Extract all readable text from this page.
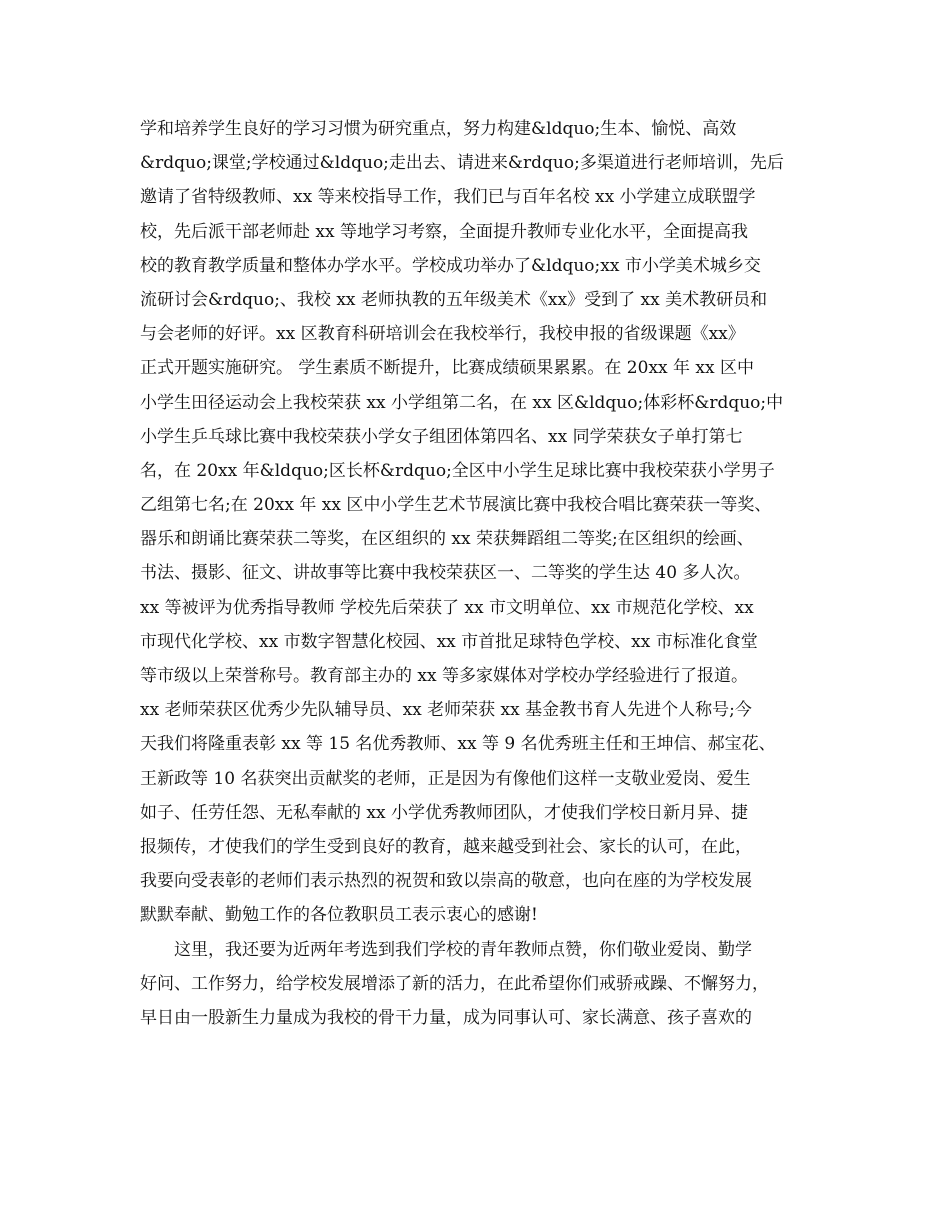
学和培养学生良好的学习习惯为研究重点，努力构建&ldquo;生本、愉悦、高效
&rdquo;课堂;学校通过&ldquo;走出去、请进来&rdquo;多渠道进行老师培训，先后
邀请了省特级教师、xx 等来校指导工作，我们已与百年名校 xx 小学建立成联盟学
校，先后派干部老师赴 xx 等地学习考察，全面提升教师专业化水平，全面提高我
校的教育教学质量和整体办学水平。学校成功举办了&ldquo;xx 市小学美术城乡交
流研讨会&rdquo;、我校 xx 老师执教的五年级美术《xx》受到了 xx 美术教研员和
与会老师的好评。xx 区教育科研培训会在我校举行，我校申报的省级课题《xx》
正式开题实施研究。 学生素质不断提升，比赛成绩硕果累累。在 20xx 年 xx 区中
小学生田径运动会上我校荣获 xx 小学组第二名，在 xx 区&ldquo;体彩杯&rdquo;中
小学生乒乓球比赛中我校荣获小学女子组团体第四名、xx 同学荣获女子单打第七
名，在 20xx 年&ldquo;区长杯&rdquo;全区中小学生足球比赛中我校荣获小学男子
乙组第七名;在 20xx 年 xx 区中小学生艺术节展演比赛中我校合唱比赛荣获一等奖、
器乐和朗诵比赛荣获二等奖，在区组织的 xx 荣获舞蹈组二等奖;在区组织的绘画、
书法、摄影、征文、讲故事等比赛中我校荣获区一、二等奖的学生达 40 多人次。
xx 等被评为优秀指导教师 学校先后荣获了 xx 市文明单位、xx 市规范化学校、xx
市现代化学校、xx 市数字智慧化校园、xx 市首批足球特色学校、xx 市标准化食堂
等市级以上荣誉称号。教育部主办的 xx 等多家媒体对学校办学经验进行了报道。
xx 老师荣获区优秀少先队辅导员、xx 老师荣获 xx 基金教书育人先进个人称号;今
天我们将隆重表彰 xx 等 15 名优秀教师、xx 等 9 名优秀班主任和王坤信、郝宝花、
王新政等 10 名获突出贡献奖的老师，正是因为有像他们这样一支敬业爱岗、爱生
如子、任劳任怨、无私奉献的 xx 小学优秀教师团队，才使我们学校日新月异、捷
报频传，才使我们的学生受到良好的教育，越来越受到社会、家长的认可，在此，
我要向受表彰的老师们表示热烈的祝贺和致以崇高的敬意，也向在座的为学校发展
默默奉献、勤勉工作的各位教职员工表示衷心的感谢!
这里，我还要为近两年考选到我们学校的青年教师点赞，你们敬业爱岗、勤学
好问、工作努力，给学校发展增添了新的活力，在此希望你们戒骄戒躁、不懈努力，
早日由一股新生力量成为我校的骨干力量，成为同事认可、家长满意、孩子喜欢的
